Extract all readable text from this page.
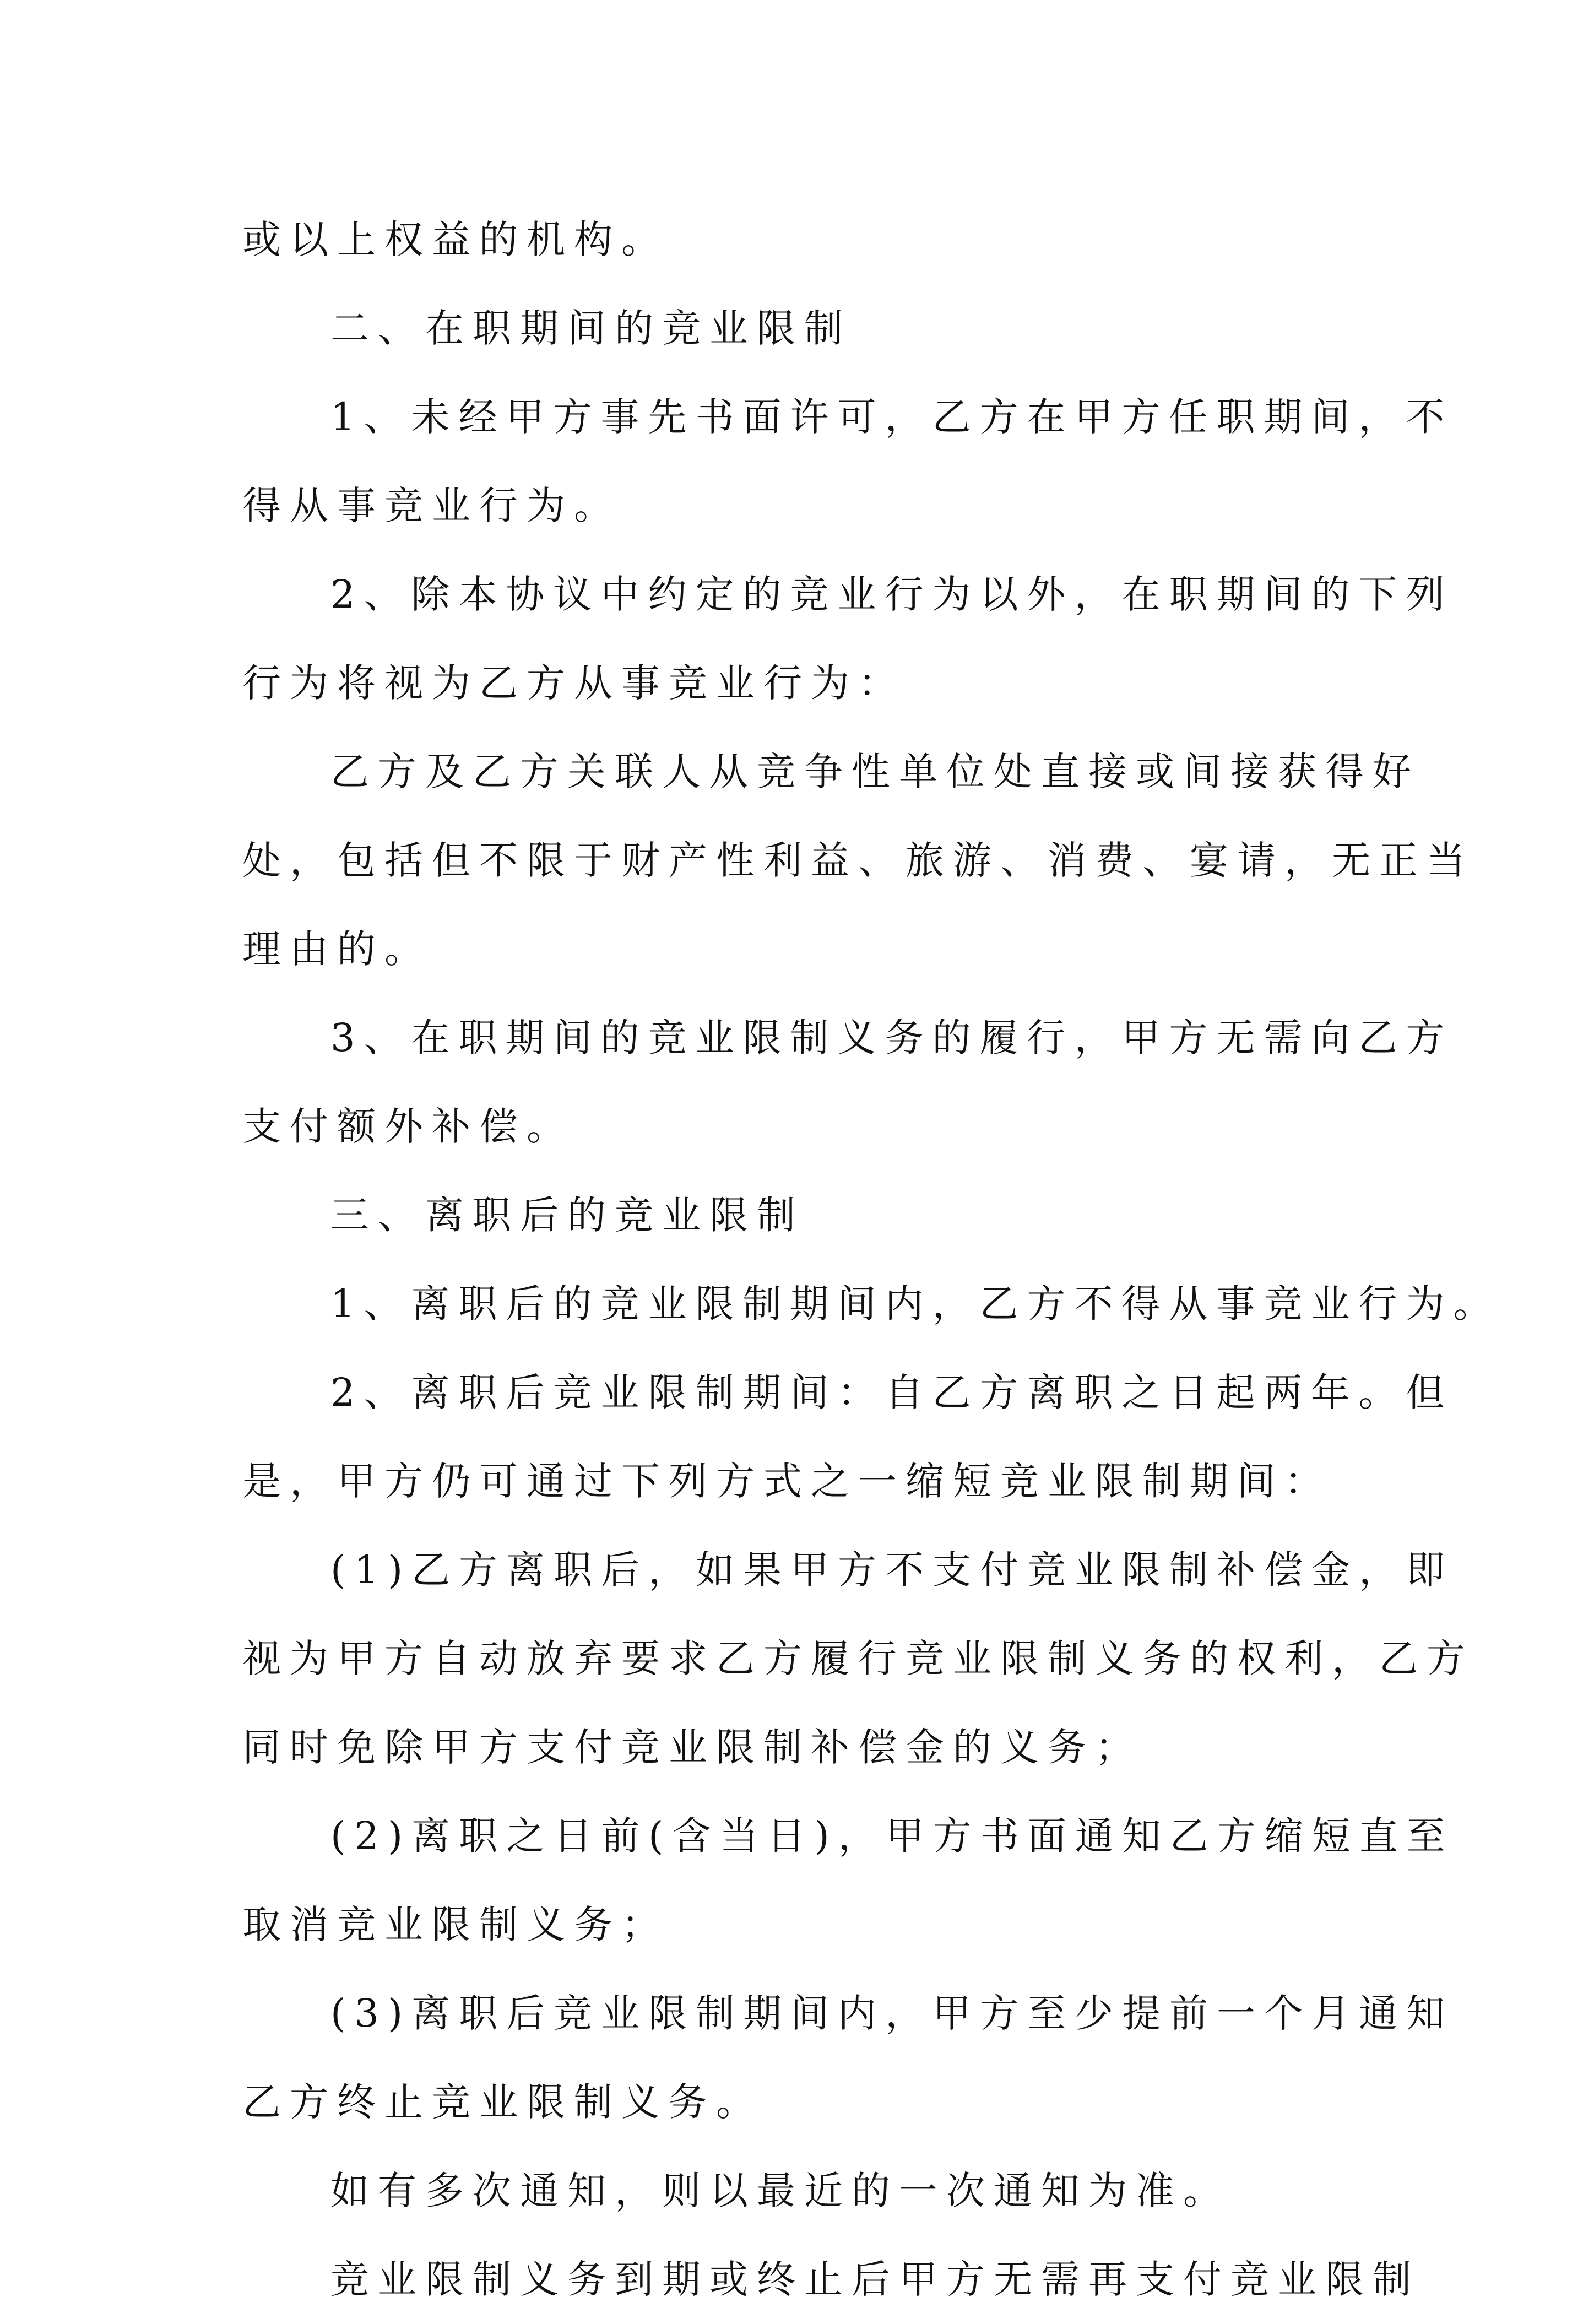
或以上权益的机构。
二、在职期间的竞业限制
1、未经甲方事先书面许可，乙方在甲方任职期间，不
得从事竞业行为。
2、除本协议中约定的竞业行为以外，在职期间的下列
行为将视为乙方从事竞业行为：
乙方及乙方关联人从竞争性单位处直接或间接获得好
处，包括但不限于财产性利益、旅游、消费、宴请，无正当
理由的。
3、在职期间的竞业限制义务的履行，甲方无需向乙方
支付额外补偿。
三、离职后的竞业限制
1、离职后的竞业限制期间内，乙方不得从事竞业行为。
2、离职后竞业限制期间：自乙方离职之日起两年。但
是，甲方仍可通过下列方式之一缩短竞业限制期间：
(1)乙方离职后，如果甲方不支付竞业限制补偿金，即
视为甲方自动放弃要求乙方履行竞业限制义务的权利，乙方
同时免除甲方支付竞业限制补偿金的义务；
(2)离职之日前(含当日)，甲方书面通知乙方缩短直至
取消竞业限制义务；
(3)离职后竞业限制期间内，甲方至少提前一个月通知
乙方终止竞业限制义务。
如有多次通知，则以最近的一次通知为准。
竞业限制义务到期或终止后甲方无需再支付竞业限制
